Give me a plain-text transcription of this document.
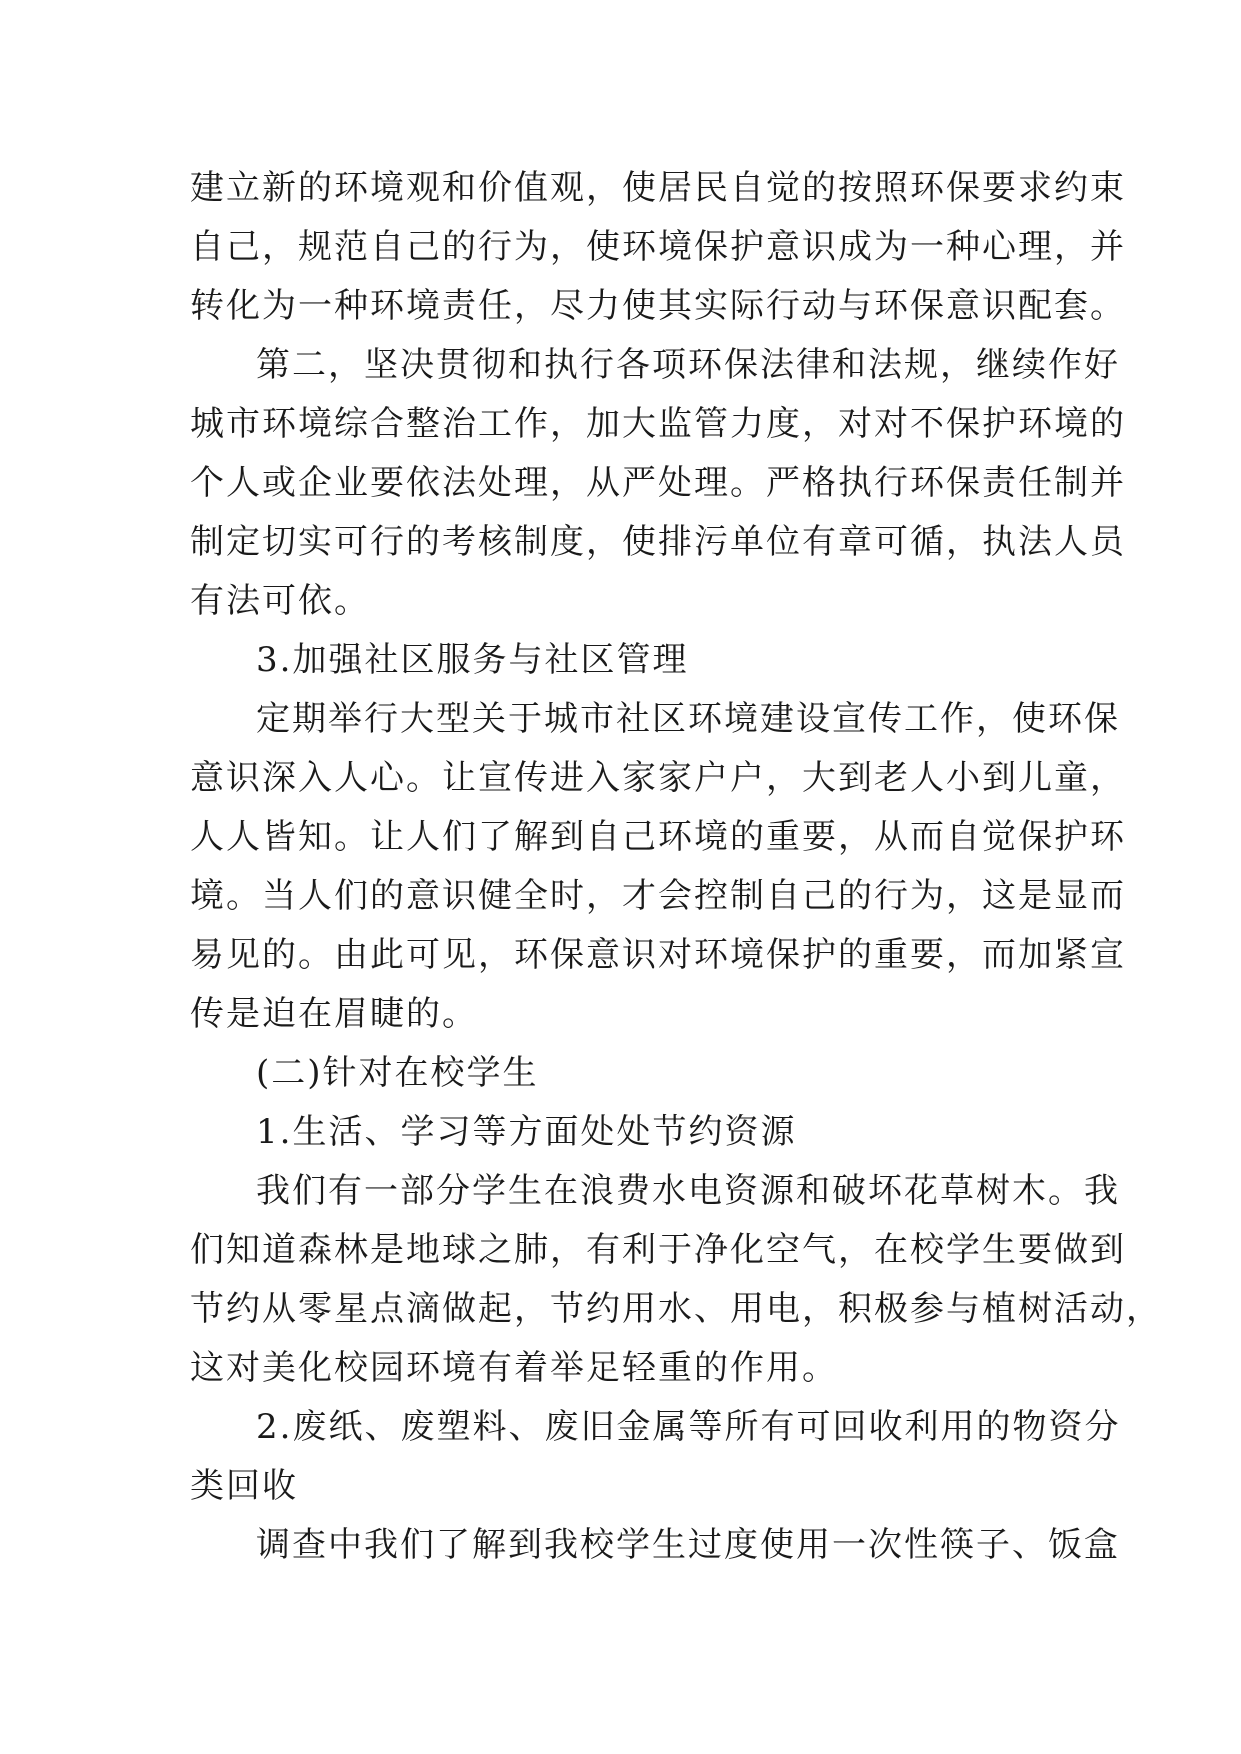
建立新的环境观和价值观，使居民自觉的按照环保要求约束

自己，规范自己的行为，使环境保护意识成为一种心理，并

转化为一种环境责任，尽力使其实际行动与环保意识配套。

第二，坚决贯彻和执行各项环保法律和法规，继续作好

城市环境综合整治工作，加大监管力度，对对不保护环境的

个人或企业要依法处理，从严处理。严格执行环保责任制并

制定切实可行的考核制度，使排污单位有章可循，执法人员

有法可依。

3.加强社区服务与社区管理

定期举行大型关于城市社区环境建设宣传工作，使环保

意识深入人心。让宣传进入家家户户，大到老人小到儿童，

人人皆知。让人们了解到自己环境的重要，从而自觉保护环

境。当人们的意识健全时，才会控制自己的行为，这是显而

易见的。由此可见，环保意识对环境保护的重要，而加紧宣

传是迫在眉睫的。

(二)针对在校学生

1.生活、学习等方面处处节约资源

我们有一部分学生在浪费水电资源和破坏花草树木。我

们知道森林是地球之肺，有利于净化空气，在校学生要做到

节约从零星点滴做起，节约用水、用电，积极参与植树活动，

这对美化校园环境有着举足轻重的作用。

2.废纸、废塑料、废旧金属等所有可回收利用的物资分

类回收

调查中我们了解到我校学生过度使用一次性筷子、饭盒
